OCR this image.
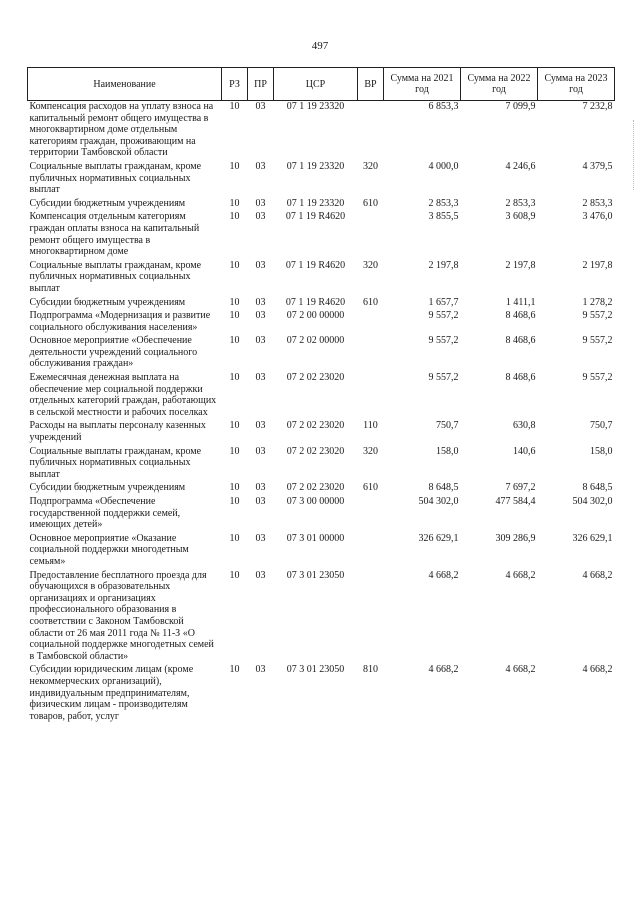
497
Наименование	РЗ	ПР	ЦСР	ВР	Сумма на 2021 год	Сумма на 2022 год	Сумма на 2023 год
Компенсация расходов на уплату взноса на капитальный ремонт общего имущества в многоквартирном доме отдельным категориям граждан, проживающим на территории Тамбовской области	10	03	07 1 19 23320		6 853,3	7 099,9	7 232,8
Социальные выплаты гражданам, кроме публичных нормативных социальных выплат	10	03	07 1 19 23320	320	4 000,0	4 246,6	4 379,5
Субсидии бюджетным учреждениям	10	03	07 1 19 23320	610	2 853,3	2 853,3	2 853,3
Компенсация отдельным категориям граждан оплаты взноса на капитальный ремонт общего имущества в многоквартирном доме	10	03	07 1 19 R4620		3 855,5	3 608,9	3 476,0
Социальные выплаты гражданам, кроме публичных нормативных социальных выплат	10	03	07 1 19 R4620	320	2 197,8	2 197,8	2 197,8
Субсидии бюджетным учреждениям	10	03	07 1 19 R4620	610	1 657,7	1 411,1	1 278,2
Подпрограмма «Модернизация и развитие социального обслуживания населения»	10	03	07 2 00 00000		9 557,2	8 468,6	9 557,2
Основное мероприятие «Обеспечение деятельности учреждений социального обслуживания граждан»	10	03	07 2 02 00000		9 557,2	8 468,6	9 557,2
Ежемесячная денежная выплата на обеспечение мер социальной поддержки отдельных категорий граждан, работающих в сельской местности и рабочих поселках	10	03	07 2 02 23020		9 557,2	8 468,6	9 557,2
Расходы на выплаты персоналу казенных учреждений	10	03	07 2 02 23020	110	750,7	630,8	750,7
Социальные выплаты гражданам, кроме публичных нормативных социальных выплат	10	03	07 2 02 23020	320	158,0	140,6	158,0
Субсидии бюджетным учреждениям	10	03	07 2 02 23020	610	8 648,5	7 697,2	8 648,5
Подпрограмма «Обеспечение государственной поддержки семей, имеющих детей»	10	03	07 3 00 00000		504 302,0	477 584,4	504 302,0
Основное мероприятие «Оказание социальной поддержки многодетным семьям»	10	03	07 3 01 00000		326 629,1	309 286,9	326 629,1
Предоставление бесплатного проезда для обучающихся в образовательных организациях и организациях профессионального образования в соответствии с Законом Тамбовской области от 26 мая 2011 года № 11-З «О социальной поддержке многодетных семей в Тамбовской области»	10	03	07 3 01 23050		4 668,2	4 668,2	4 668,2
Субсидии юридическим лицам (кроме некоммерческих организаций), индивидуальным предпринимателям, физическим лицам - производителям товаров, работ, услуг	10	03	07 3 01 23050	810	4 668,2	4 668,2	4 668,2
